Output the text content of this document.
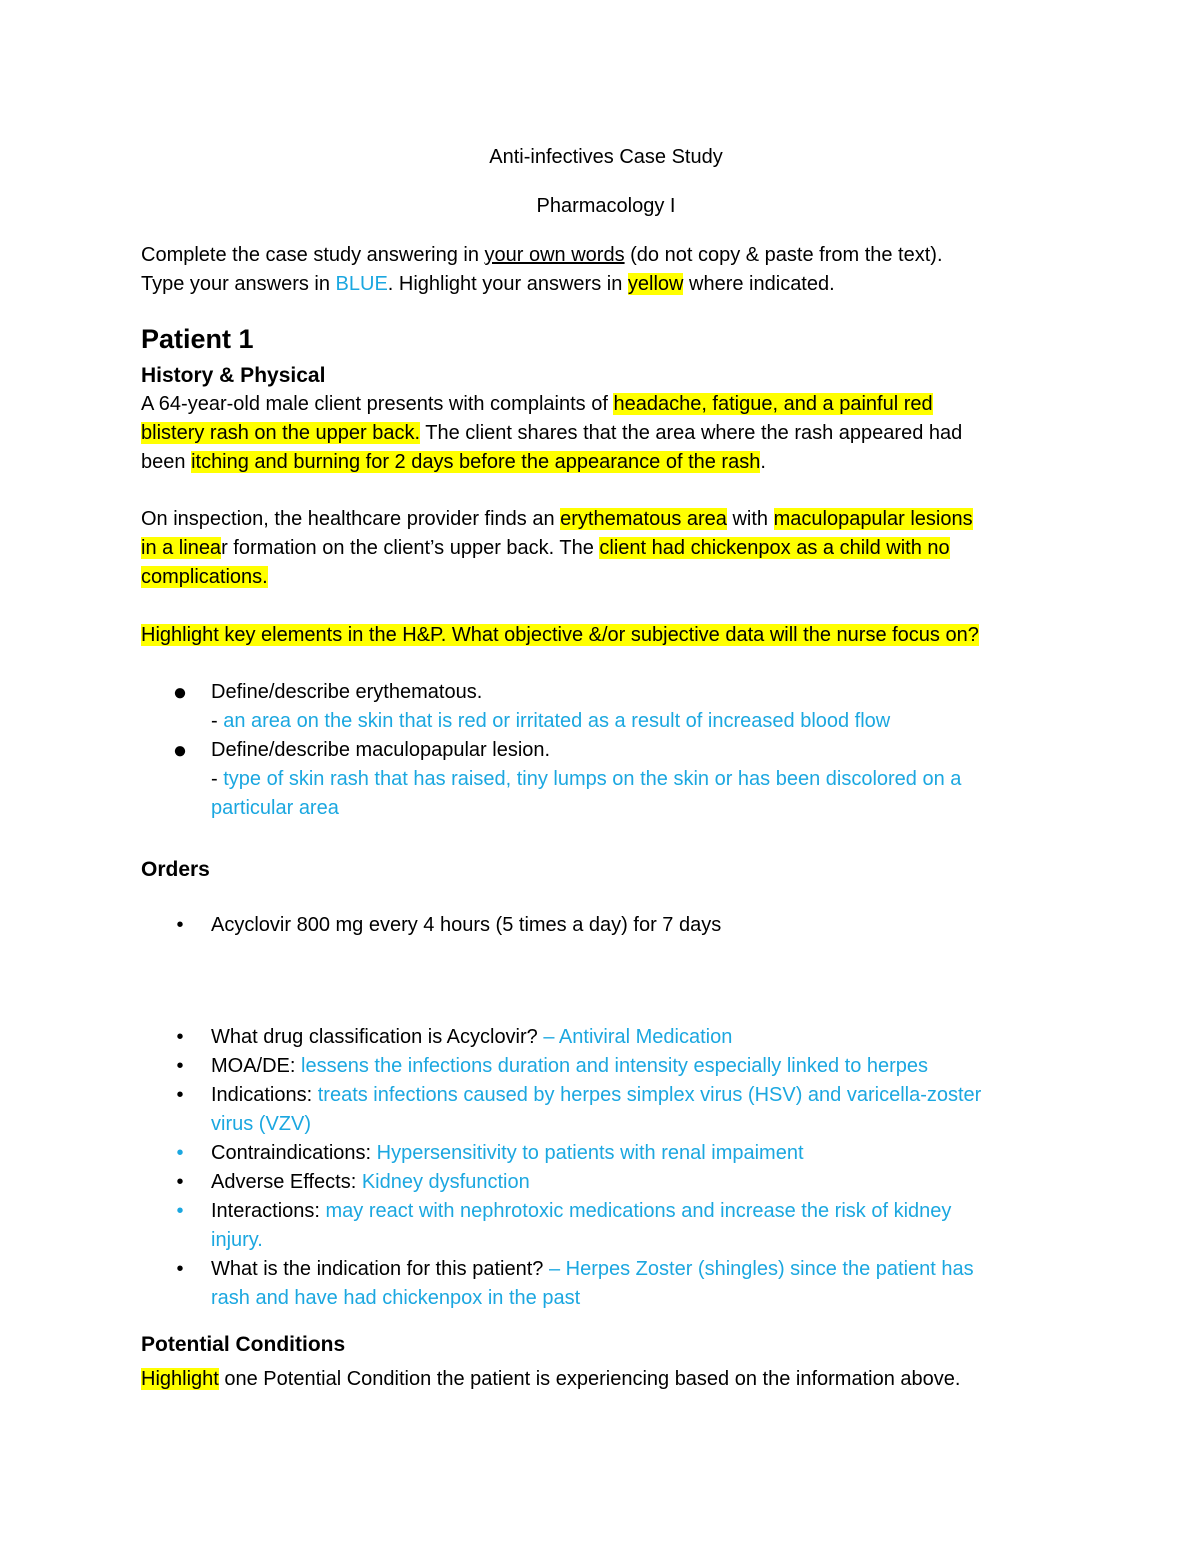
Anti-infectives Case Study

Pharmacology I

Complete the case study answering in your own words (do not copy & paste from the text).

Type your answers in BLUE. Highlight your answers in yellow where indicated.

Patient 1
History & Physical

A 64-year-old male client presents with complaints of headache, fatigue, and a painful red

blistery rash on the upper back. The client shares that the area where the rash appeared had

been itching and burning for 2 days before the appearance of the rash.

On inspection, the healthcare provider finds an erythematous area with maculopapular lesions

in a linear formation on the client’s upper back. The client had chickenpox as a child with no

complications.

Highlight key elements in the H&P. What objective &/or subjective data will the nurse focus on?

● Define/describe erythematous.

- an area on the skin that is red or irritated as a result of increased blood flow

● Define/describe maculopapular lesion.

- type of skin rash that has raised, tiny lumps on the skin or has been discolored on a

particular area

Orders
• Acyclovir 800 mg every 4 hours (5 times a day) for 7 days

• What drug classification is Acyclovir? – Antiviral Medication

• MOA/DE: lessens the infections duration and intensity especially linked to herpes

• Indications: treats infections caused by herpes simplex virus (HSV) and varicella-zoster

virus (VZV)

• Contraindications: Hypersensitivity to patients with renal impaiment

• Adverse Effects: Kidney dysfunction

• Interactions: may react with nephrotoxic medications and increase the risk of kidney

injury.

• What is the indication for this patient? – Herpes Zoster (shingles) since the patient has

rash and have had chickenpox in the past

Potential Conditions

Highlight one Potential Condition the patient is experiencing based on the information above.
